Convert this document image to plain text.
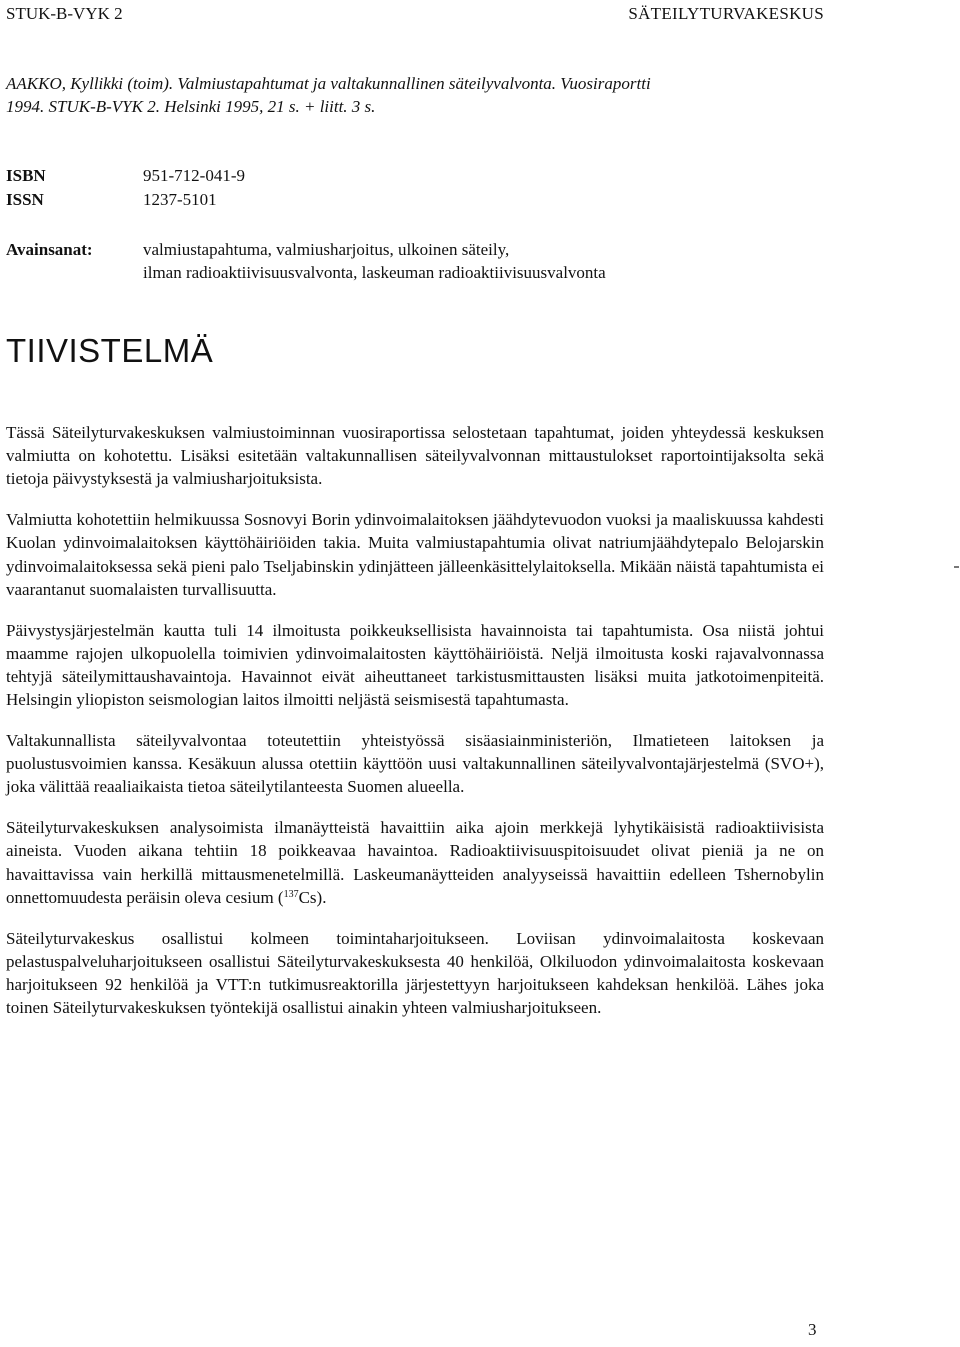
STUK-B-VYK 2	SÄTEILYTURVAKESKUS
AAKKO, Kyllikki (toim). Valmiustapahtumat ja valtakunnallinen säteilyvalvonta. Vuosiraportti
1994. STUK-B-VYK 2. Helsinki 1995, 21 s. + liitt. 3 s.
ISBN	951-712-041-9
ISSN	1237-5101
Avainsanat:	valmiustapahtuma, valmiusharjoitus, ulkoinen säteily,
ilman radioaktiivisuusvalvonta, laskeuman radioaktiivisuusvalvonta
TIIVISTELMÄ

Tässä Säteilyturvakeskuksen valmiustoiminnan vuosiraportissa selostetaan tapahtumat, joiden yhteydessä keskuksen valmiutta on kohotettu. Lisäksi esitetään valtakunnallisen säteilyvalvonnan mittaustulokset raportointijaksolta sekä tietoja päivystyksestä ja valmiusharjoituksista.

Valmiutta kohotettiin helmikuussa Sosnovyi Borin ydinvoimalaitoksen jäähdytevuodon vuoksi ja maaliskuussa kahdesti Kuolan ydinvoimalaitoksen käyttöhäiriöiden takia. Muita valmiustapahtumia olivat natriumjäähdytepalo Belojarskin ydinvoimalaitoksessa sekä pieni palo Tseljabinskin ydinjätteen jälleenkäsittelylaitoksella. Mikään näistä tapahtumista ei vaarantanut suomalaisten turvallisuutta.

Päivystysjärjestelmän kautta tuli 14 ilmoitusta poikkeuksellisista havainnoista tai tapahtumista. Osa niistä johtui maamme rajojen ulkopuolella toimivien ydinvoimalaitosten käyttöhäiriöistä. Neljä ilmoitusta koski rajavalvonnassa tehtyjä säteilymittaushavaintoja. Havainnot eivät aiheuttaneet tarkistusmittausten lisäksi muita jatkotoimenpiteitä. Helsingin yliopiston seismologian laitos ilmoitti neljästä seismisestä tapahtumasta.

Valtakunnallista säteilyvalvontaa toteutettiin yhteistyössä sisäasiainministeriön, Ilmatieteen laitoksen ja puolustusvoimien kanssa. Kesäkuun alussa otettiin käyttöön uusi valtakunnallinen säteilyvalvontajärjestelmä (SVO+), joka välittää reaaliaikaista tietoa säteilytilanteesta Suomen alueella.

Säteilyturvakeskuksen analysoimista ilmanäytteistä havaittiin aika ajoin merkkejä lyhytikäisistä radioaktiivisista aineista. Vuoden aikana tehtiin 18 poikkeavaa havaintoa. Radioaktiivisuuspitoisuudet olivat pieniä ja ne on havaittavissa vain herkillä mittausmenetelmillä. Laskeumanäytteiden analyyseissä havaittiin edelleen Tshernobylin onnettomuudesta peräisin oleva cesium ($^{137}$Cs).

Säteilyturvakeskus osallistui kolmeen toimintaharjoitukseen. Loviisan ydinvoimalaitosta koskevaan pelastuspalveluharjoitukseen osallistui Säteilyturvakeskuksesta 40 henkilöä, Olkiluodon ydinvoimalaitosta koskevaan harjoitukseen 92 henkilöä ja VTT:n tutkimusreaktorilla järjestettyyn harjoitukseen kahdeksan henkilöä. Lähes joka toinen Säteilyturvakeskuksen työntekijä osallistui ainakin yhteen valmiusharjoitukseen.

3
